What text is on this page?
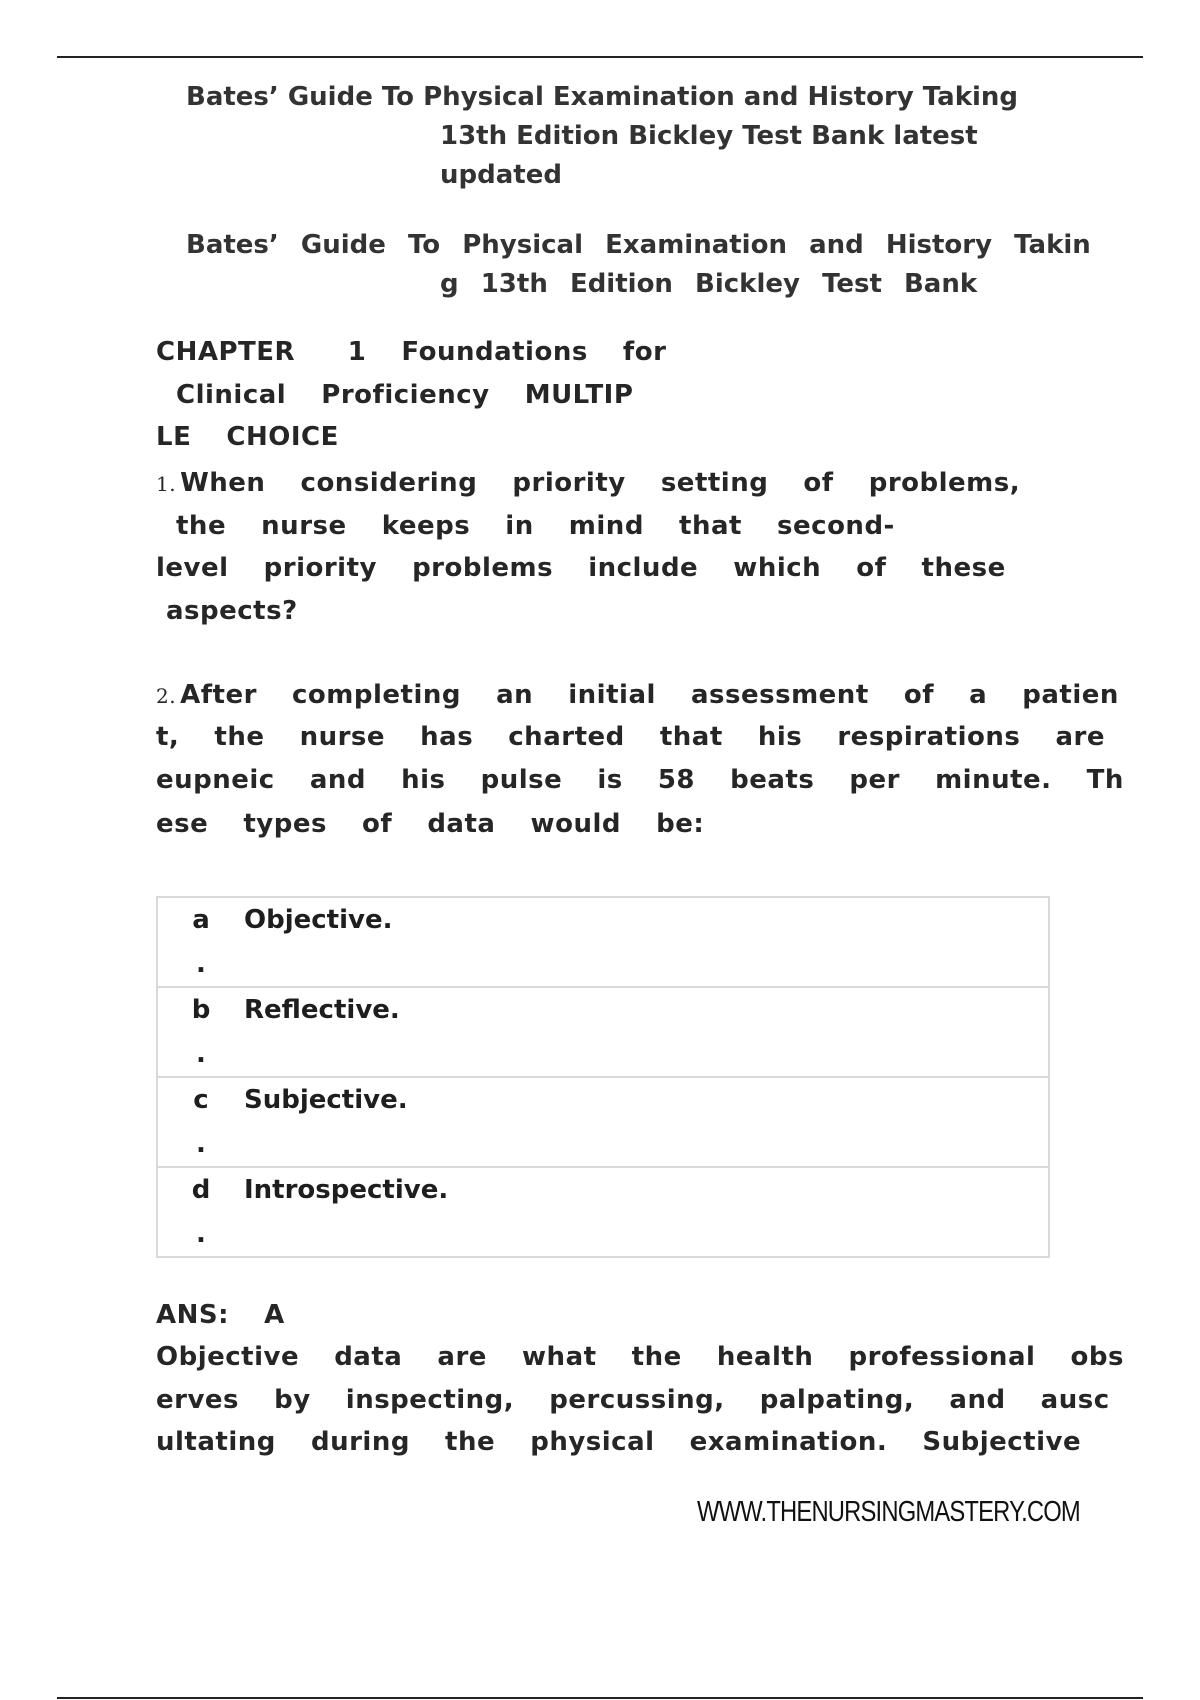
Bates’ Guide To Physical Examination and History Taking

13th Edition Bickley Test Bank latest

updated

Bates’  Guide  To  Physical  Examination  and  History  Takin

g  13th  Edition  Bickley  Test  Bank

CHAPTER   1  Foundations  for

Clinical  Proficiency  MULTIP

LE  CHOICE

1. When  considering  priority  setting  of  problems,

the  nurse  keeps  in  mind  that  second-

level  priority  problems  include  which  of  these

aspects?

2. After  completing  an  initial  assessment  of  a  patien

t,  the  nurse  has  charted  that  his  respirations  are

eupneic  and  his  pulse  is  58  beats  per  minute.  Th

ese  types  of  data  would  be:

a
.	Objective.

b
.	Reflective.

c
.	Subjective.

d
.	Introspective.

ANS:  A

Objective  data  are  what  the  health  professional  obs

erves  by  inspecting,  percussing,  palpating,  and  ausc

ultating  during  the  physical  examination.  Subjective

WWW.THENURSINGMASTERY.COM
